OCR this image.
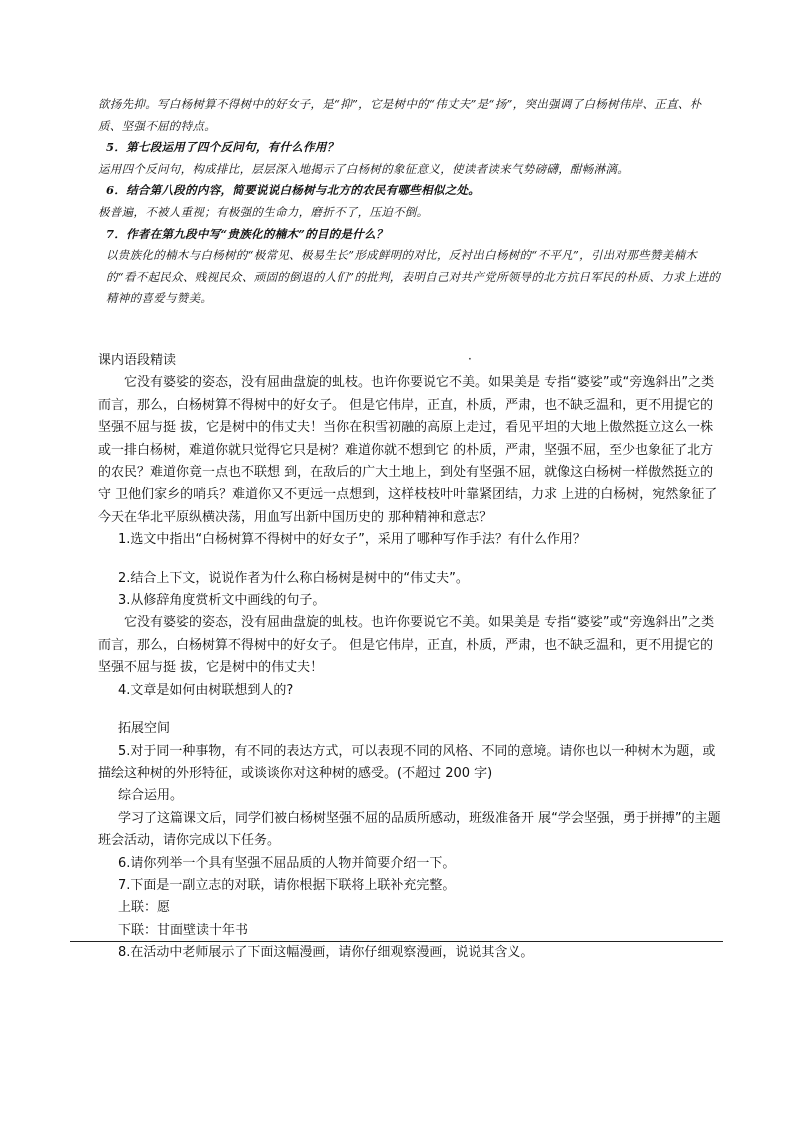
欲扬先抑。写白杨树算不得树中的好女子，是“抑”，它是树中的“伟丈夫”是“扬”，突出强调了白杨树伟岸、正直、朴质、坚强不屈的特点。

5．第七段运用了四个反问句，有什么作用？

运用四个反问句，构成排比，层层深入地揭示了白杨树的象征意义，使读者读来气势磅礴，酣畅淋漓。

6．结合第八段的内容，简要说说白杨树与北方的农民有哪些相似之处。

极普遍，不被人重视；有极强的生命力，磨折不了，压迫不倒。

7．作者在第九段中写“贵族化的楠木”的目的是什么？

以贵族化的楠木与白杨树的“极常见、极易生长”形成鲜明的对比，反衬出白杨树的“不平凡”，引出对那些赞美楠木的“看不起民众、贱视民众、顽固的倒退的人们”的批判，表明自己对共产党所领导的北方抗日军民的朴质、力求上进的精神的喜爱与赞美。

·

课内语段精读

它没有婆娑的姿态，没有屈曲盘旋的虬枝。也许你要说它不美。如果美是 专指“婆娑”或“旁逸斜出”之类而言，那么，白杨树算不得树中的好女子。 但是它伟岸，正直，朴质，严肃，也不缺乏温和，更不用提它的坚强不屈与挺 拔，它是树中的伟丈夫！当你在积雪初融的高原上走过，看见平坦的大地上傲然挺立这么一株或一排白杨树，难道你就只觉得它只是树？难道你就不想到它 的朴质，严肃，坚强不屈，至少也象征了北方的农民？难道你竟一点也不联想 到，在敌后的广大土地上，到处有坚强不屈，就像这白杨树一样傲然挺立的守 卫他们家乡的哨兵？难道你又不更远一点想到，这样枝枝叶叶靠紧团结，力求 上进的白杨树，宛然象征了今天在华北平原纵横决荡，用血写出新中国历史的 那种精神和意志？

1.选文中指出“白杨树算不得树中的好女子”，采用了哪种写作手法？有什么作用？

2.结合上下文，说说作者为什么称白杨树是树中的“伟丈夫”。

3.从修辞角度赏析文中画线的句子。

它没有婆娑的姿态，没有屈曲盘旋的虬枝。也许你要说它不美。如果美是 专指“婆娑”或“旁逸斜出”之类而言，那么，白杨树算不得树中的好女子。 但是它伟岸，正直，朴质，严肃，也不缺乏温和，更不用提它的坚强不屈与挺 拔，它是树中的伟丈夫！

4.文章是如何由树联想到人的?

拓展空间

5.对于同一种事物，有不同的表达方式，可以表现不同的风格、不同的意境。请你也以一种树木为题，或描绘这种树的外形特征，或谈谈你对这种树的感受。(不超过 200 字)

综合运用。

学习了这篇课文后，同学们被白杨树坚强不屈的品质所感动，班级准备开 展“学会坚强，勇于拼搏”的主题班会活动，请你完成以下任务。

6.请你列举一个具有坚强不屈品质的人物并简要介绍一下。

7.下面是一副立志的对联，请你根据下联将上联补充完整。

上联：愿

下联：甘面壁读十年书

8.在活动中老师展示了下面这幅漫画，请你仔细观察漫画，说说其含义。
